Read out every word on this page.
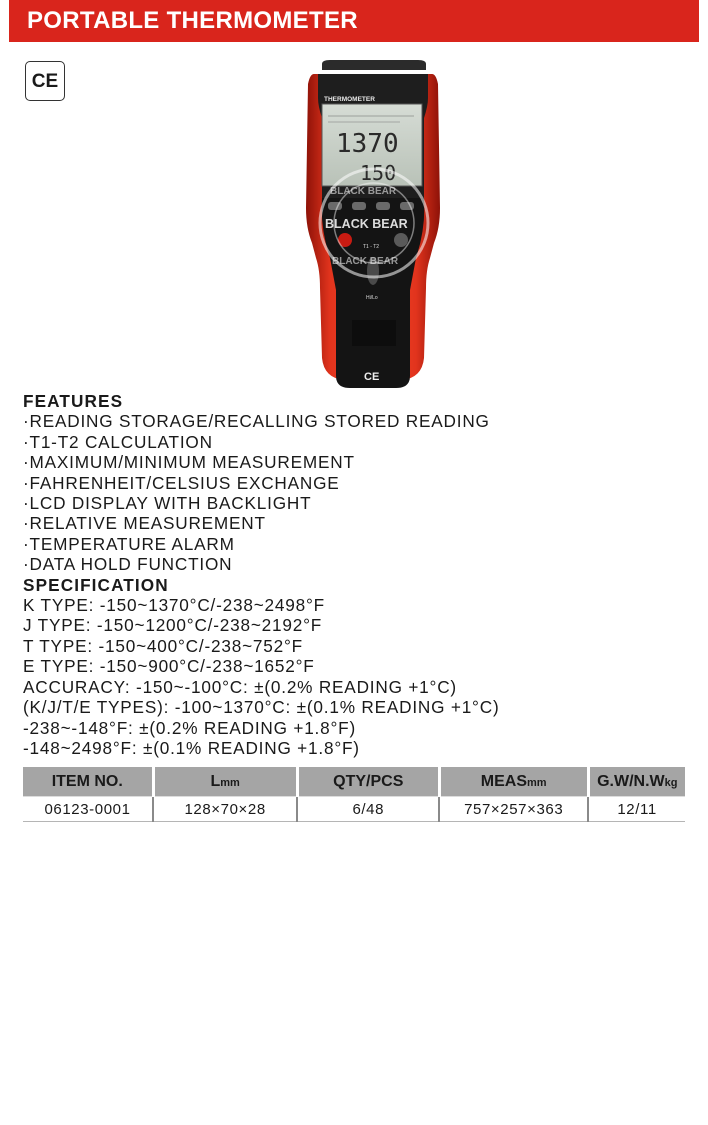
PORTABLE THERMOMETER
CE
THERMOMETER
1370
150
T1 - T2
Hi/Lo
BLACK BEAR
BLACK BEAR
BLACK BEAR
CE
FEATURES
·READING STORAGE/RECALLING STORED READING
·T1-T2 CALCULATION
·MAXIMUM/MINIMUM MEASUREMENT
·FAHRENHEIT/CELSIUS EXCHANGE
·LCD DISPLAY WITH BACKLIGHT
·RELATIVE MEASUREMENT
·TEMPERATURE ALARM
·DATA HOLD FUNCTION
SPECIFICATION
K TYPE: -150~1370°C/-238~2498°F
J TYPE: -150~1200°C/-238~2192°F
T TYPE: -150~400°C/-238~752°F
E TYPE: -150~900°C/-238~1652°F
ACCURACY: -150~-100°C: ±(0.2% READING +1°C)
(K/J/T/E TYPES): -100~1370°C: ±(0.1% READING +1°C)
-238~-148°F: ±(0.2% READING +1.8°F)
-148~2498°F: ±(0.1% READING +1.8°F)
ITEM NO.	Lmm	QTY/PCS	MEASmm	G.W/N.Wkg
06123-0001	128×70×28	6/48	757×257×363	12/11
